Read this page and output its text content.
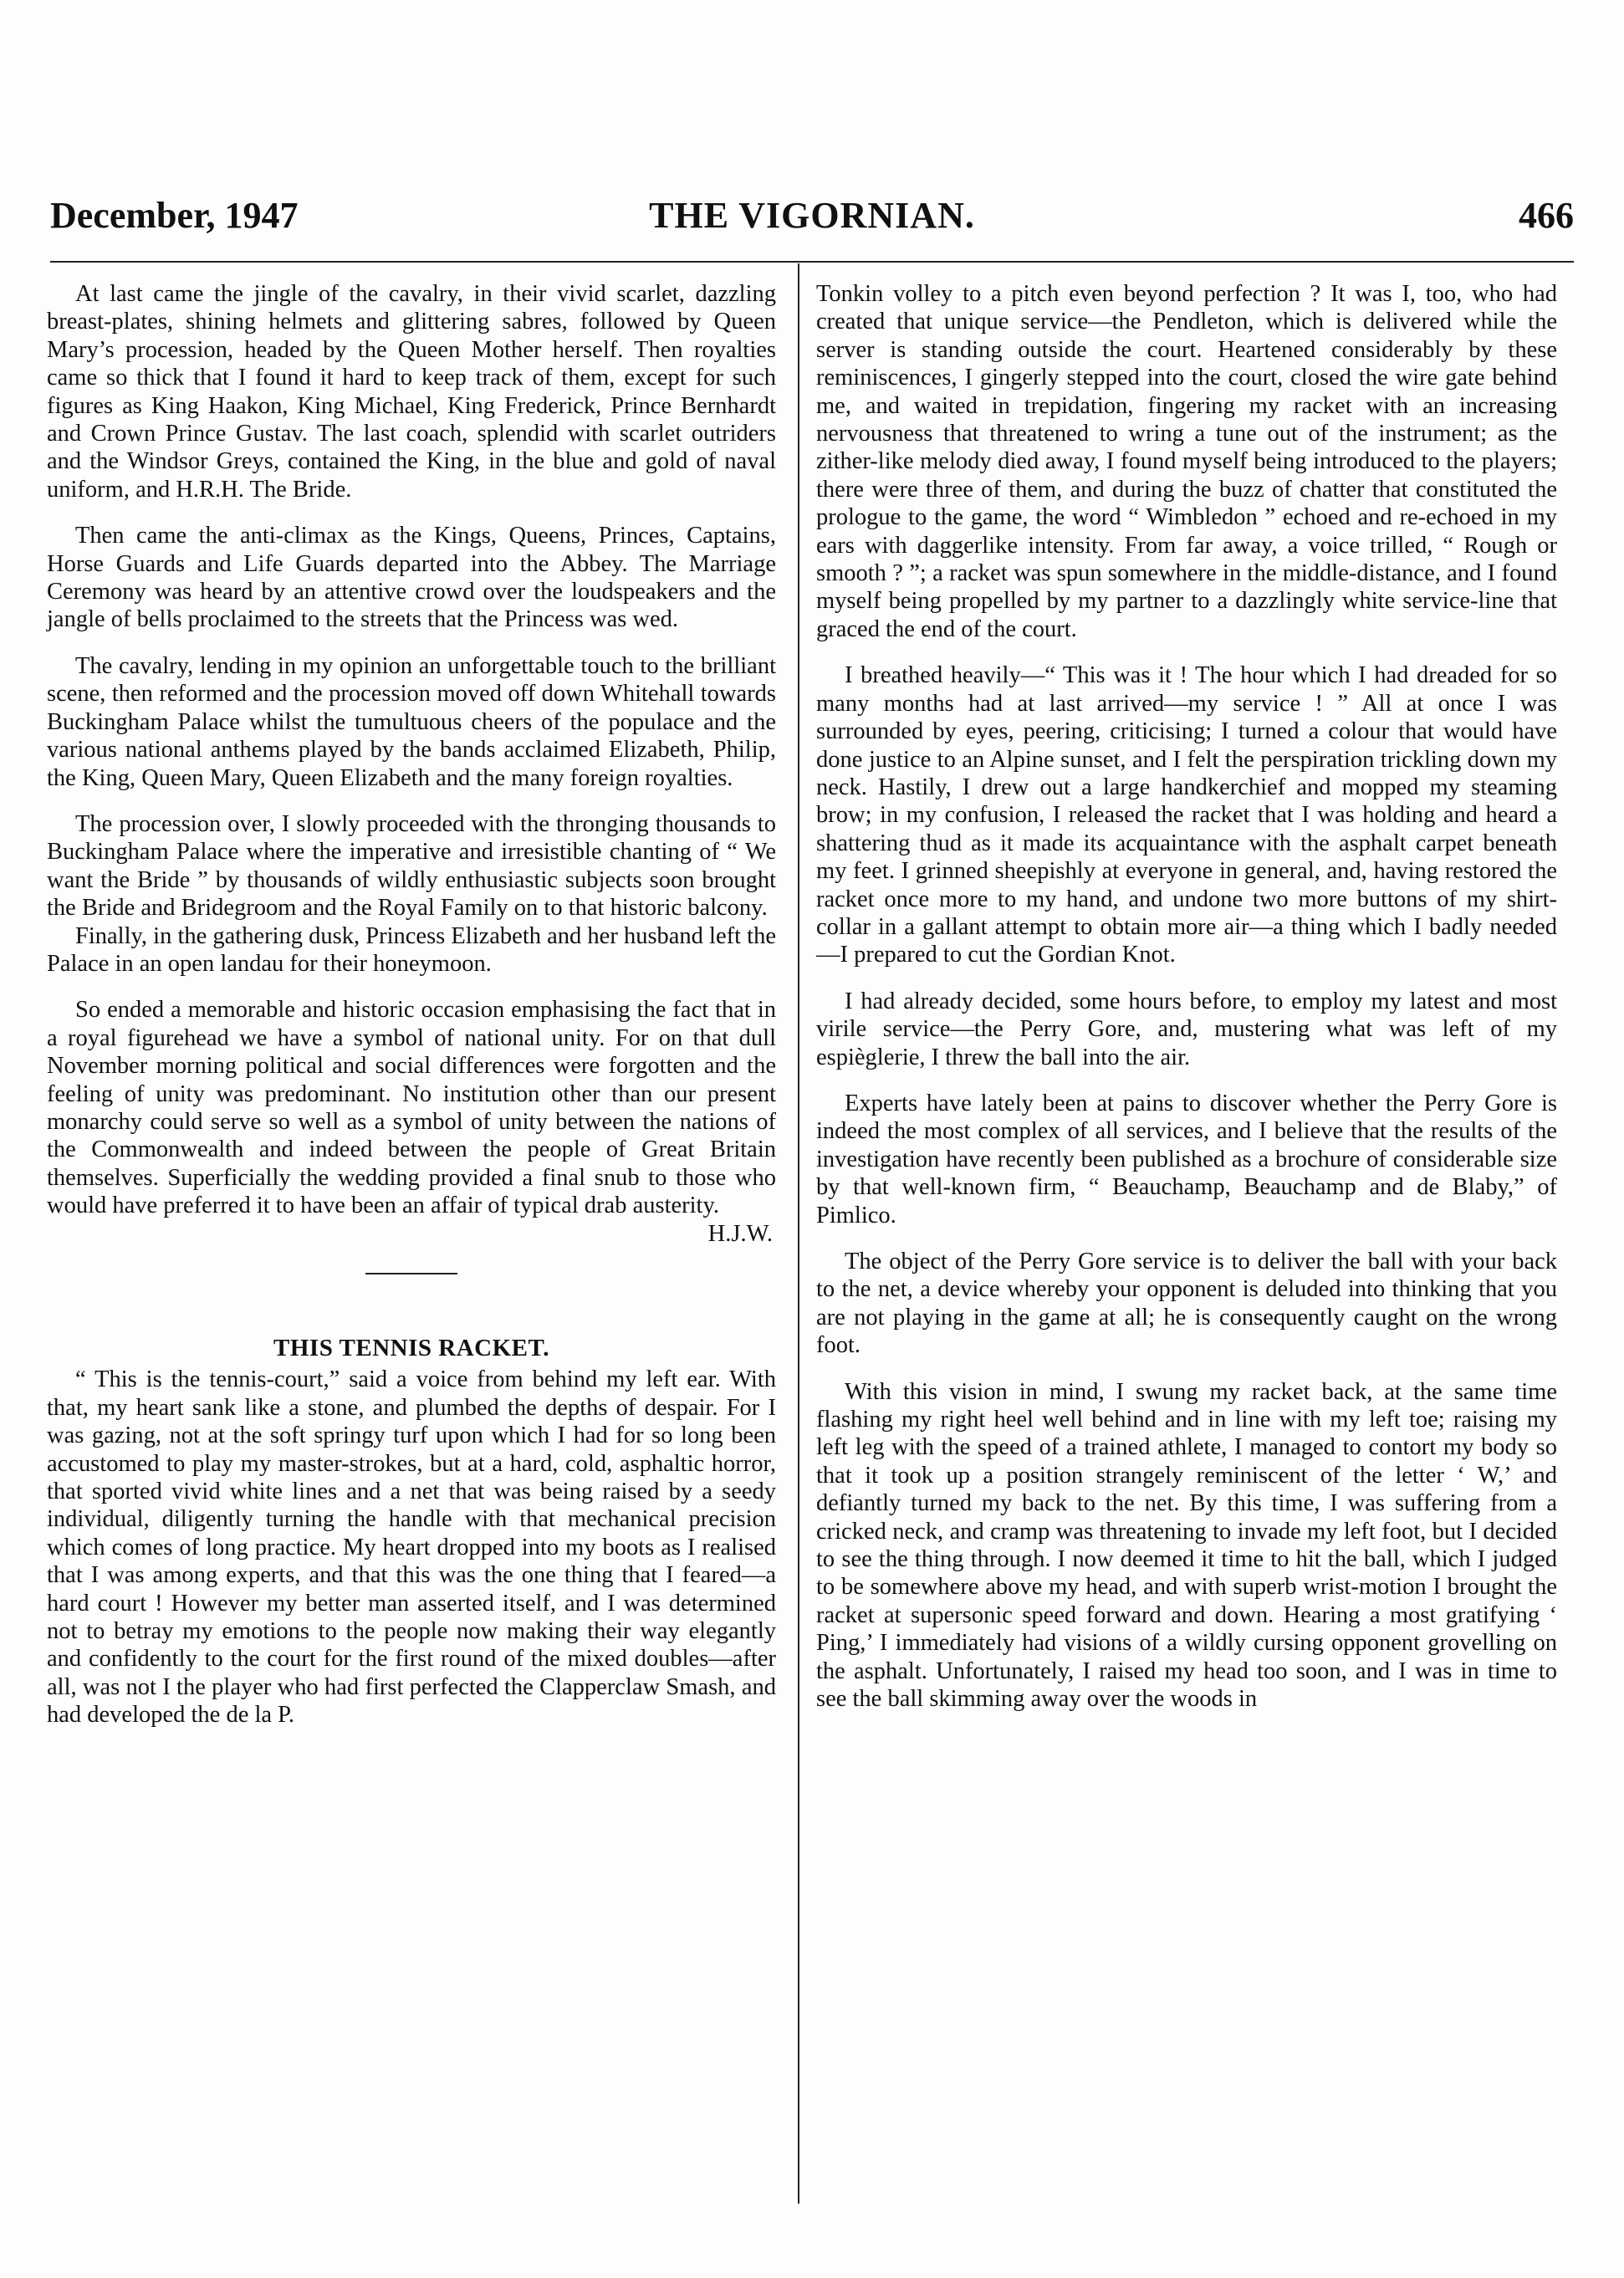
December, 1947	THE VIGORNIAN.	466

At last came the jingle of the cavalry, in their vivid scarlet, dazzling breast-plates, shining helmets and glittering sabres, followed by Queen Mary’s procession, headed by the Queen Mother herself. Then royalties came so thick that I found it hard to keep track of them, except for such figures as King Haakon, King Michael, King Frederick, Prince Bernhardt and Crown Prince Gustav. The last coach, splendid with scarlet outriders and the Windsor Greys, contained the King, in the blue and gold of naval uniform, and H.R.H. The Bride.

Then came the anti-climax as the Kings, Queens, Princes, Captains, Horse Guards and Life Guards departed into the Abbey. The Marriage Ceremony was heard by an attentive crowd over the loudspeakers and the jangle of bells proclaimed to the streets that the Princess was wed.

The cavalry, lending in my opinion an unforgettable touch to the brilliant scene, then reformed and the procession moved off down Whitehall towards Buckingham Palace whilst the tumultuous cheers of the populace and the various national anthems played by the bands acclaimed Elizabeth, Philip, the King, Queen Mary, Queen Elizabeth and the many foreign royalties.

The procession over, I slowly proceeded with the thronging thousands to Buckingham Palace where the imperative and irresistible chanting of “ We want the Bride ” by thousands of wildly enthusiastic subjects soon brought the Bride and Bridegroom and the Royal Family on to that historic balcony.

Finally, in the gathering dusk, Princess Elizabeth and her husband left the Palace in an open landau for their honeymoon.

So ended a memorable and historic occasion emphasising the fact that in a royal figurehead we have a symbol of national unity. For on that dull November morning political and social differences were forgotten and the feeling of unity was predominant. No institution other than our present monarchy could serve so well as a symbol of unity between the nations of the Commonwealth and indeed between the people of Great Britain themselves. Superficially the wedding provided a final snub to those who would have preferred it to have been an affair of typical drab austerity.

H.J.W.
THIS TENNIS RACKET.

“ This is the tennis-court,” said a voice from behind my left ear. With that, my heart sank like a stone, and plumbed the depths of despair. For I was gazing, not at the soft springy turf upon which I had for so long been accustomed to play my master-strokes, but at a hard, cold, asphaltic horror, that sported vivid white lines and a net that was being raised by a seedy individual, diligently turning the handle with that mechanical precision which comes of long practice. My heart dropped into my boots as I realised that I was among experts, and that this was the one thing that I feared—a hard court ! However my better man asserted itself, and I was determined not to betray my emotions to the people now making their way elegantly and confidently to the court for the first round of the mixed doubles—after all, was not I the player who had first perfected the Clapperclaw Smash, and had developed the de la P.

Tonkin volley to a pitch even beyond perfection ? It was I, too, who had created that unique service—the Pendleton, which is delivered while the server is standing outside the court. Heartened considerably by these reminiscences, I gingerly stepped into the court, closed the wire gate behind me, and waited in trepidation, fingering my racket with an increasing nervousness that threatened to wring a tune out of the instrument; as the zither-like melody died away, I found myself being introduced to the players; there were three of them, and during the buzz of chatter that constituted the prologue to the game, the word “ Wimbledon ” echoed and re-echoed in my ears with daggerlike intensity. From far away, a voice trilled, “ Rough or smooth ? ”; a racket was spun somewhere in the middle-distance, and I found myself being propelled by my partner to a dazzlingly white service-line that graced the end of the court.

I breathed heavily—“ This was it ! The hour which I had dreaded for so many months had at last arrived—my service ! ” All at once I was surrounded by eyes, peering, criticising; I turned a colour that would have done justice to an Alpine sunset, and I felt the perspiration trickling down my neck. Hastily, I drew out a large handkerchief and mopped my steaming brow; in my confusion, I released the racket that I was holding and heard a shattering thud as it made its acquaintance with the asphalt carpet beneath my feet. I grinned sheepishly at everyone in general, and, having restored the racket once more to my hand, and undone two more buttons of my shirt-collar in a gallant attempt to obtain more air—a thing which I badly needed—I prepared to cut the Gordian Knot.

I had already decided, some hours before, to employ my latest and most virile service—the Perry Gore, and, mustering what was left of my espièglerie, I threw the ball into the air.

Experts have lately been at pains to discover whether the Perry Gore is indeed the most complex of all services, and I believe that the results of the investigation have recently been published as a brochure of considerable size by that well-known firm, “ Beauchamp, Beauchamp and de Blaby,” of Pimlico.

The object of the Perry Gore service is to deliver the ball with your back to the net, a device whereby your opponent is deluded into thinking that you are not playing in the game at all; he is consequently caught on the wrong foot.

With this vision in mind, I swung my racket back, at the same time flashing my right heel well behind and in line with my left toe; raising my left leg with the speed of a trained athlete, I managed to contort my body so that it took up a position strangely reminiscent of the letter ‘ W,’ and defiantly turned my back to the net. By this time, I was suffering from a cricked neck, and cramp was threatening to invade my left foot, but I decided to see the thing through. I now deemed it time to hit the ball, which I judged to be somewhere above my head, and with superb wrist-motion I brought the racket at supersonic speed forward and down. Hearing a most gratifying ‘ Ping,’ I immediately had visions of a wildly cursing opponent grovelling on the asphalt. Unfortunately, I raised my head too soon, and I was in time to see the ball skimming away over the woods in
